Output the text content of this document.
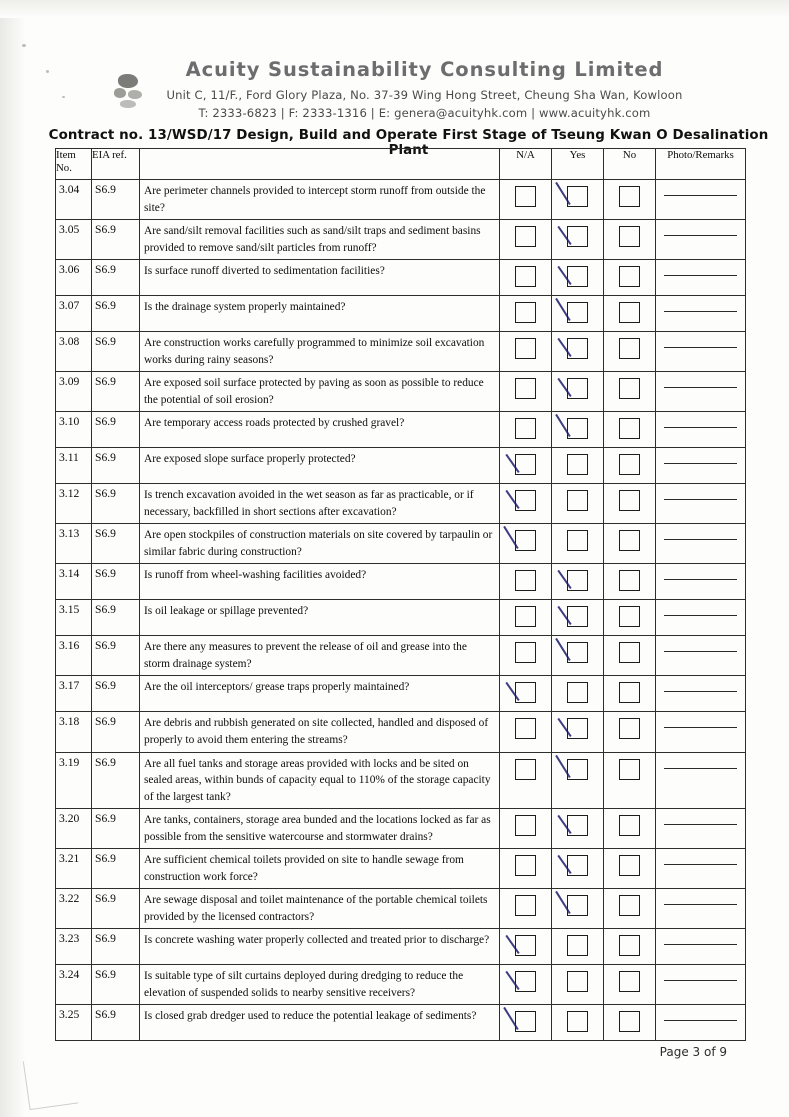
Acuity Sustainability Consulting Limited
Unit C, 11/F., Ford Glory Plaza, No. 37-39 Wing Hong Street, Cheung Sha Wan, Kowloon
T: 2333-6823 | F: 2333-1316 | E: genera@acuityhk.com | www.acuityhk.com
Contract no. 13/WSD/17 Design, Build and Operate First Stage of Tseung Kwan O Desalination Plant
Item
No.	EIA ref.		N/A	Yes	No	Photo/Remarks
3.04	S6.9	Are perimeter channels provided to intercept storm runoff from outside the site?				

3.05	S6.9	Are sand/silt removal facilities such as sand/silt traps and sediment basins provided to remove sand/silt particles from runoff?				

3.06	S6.9	Is surface runoff diverted to sedimentation facilities?				

3.07	S6.9	Is the drainage system properly maintained?				

3.08	S6.9	Are construction works carefully programmed to minimize soil excavation works during rainy seasons?				

3.09	S6.9	Are exposed soil surface protected by paving as soon as possible to reduce the potential of soil erosion?				

3.10	S6.9	Are temporary access roads protected by crushed gravel?				

3.11	S6.9	Are exposed slope surface properly protected?				

3.12	S6.9	Is trench excavation avoided in the wet season as far as practicable, or if necessary, backfilled in short sections after excavation?				

3.13	S6.9	Are open stockpiles of construction materials on site covered by tarpaulin or similar fabric during construction?				

3.14	S6.9	Is runoff from wheel-washing facilities avoided?				

3.15	S6.9	Is oil leakage or spillage prevented?				

3.16	S6.9	Are there any measures to prevent the release of oil and grease into the storm drainage system?				

3.17	S6.9	Are the oil interceptors/ grease traps properly maintained?				

3.18	S6.9	Are debris and rubbish generated on site collected, handled and disposed of properly to avoid them entering the streams?				

3.19	S6.9	Are all fuel tanks and storage areas provided with locks and be sited on sealed areas, within bunds of capacity equal to 110% of the storage capacity of the largest tank?				

3.20	S6.9	Are tanks, containers, storage area bunded and the locations locked as far as possible from the sensitive watercourse and stormwater drains?				

3.21	S6.9	Are sufficient chemical toilets provided on site to handle sewage from construction work force?				

3.22	S6.9	Are sewage disposal and toilet maintenance of the portable chemical toilets provided by the licensed contractors?				

3.23	S6.9	Is concrete washing water properly collected and treated prior to discharge?				

3.24	S6.9	Is suitable type of silt curtains deployed during dredging to reduce the elevation of suspended solids to nearby sensitive receivers?				

3.25	S6.9	Is closed grab dredger used to reduce the potential leakage of sediments?				
Page 3 of 9
